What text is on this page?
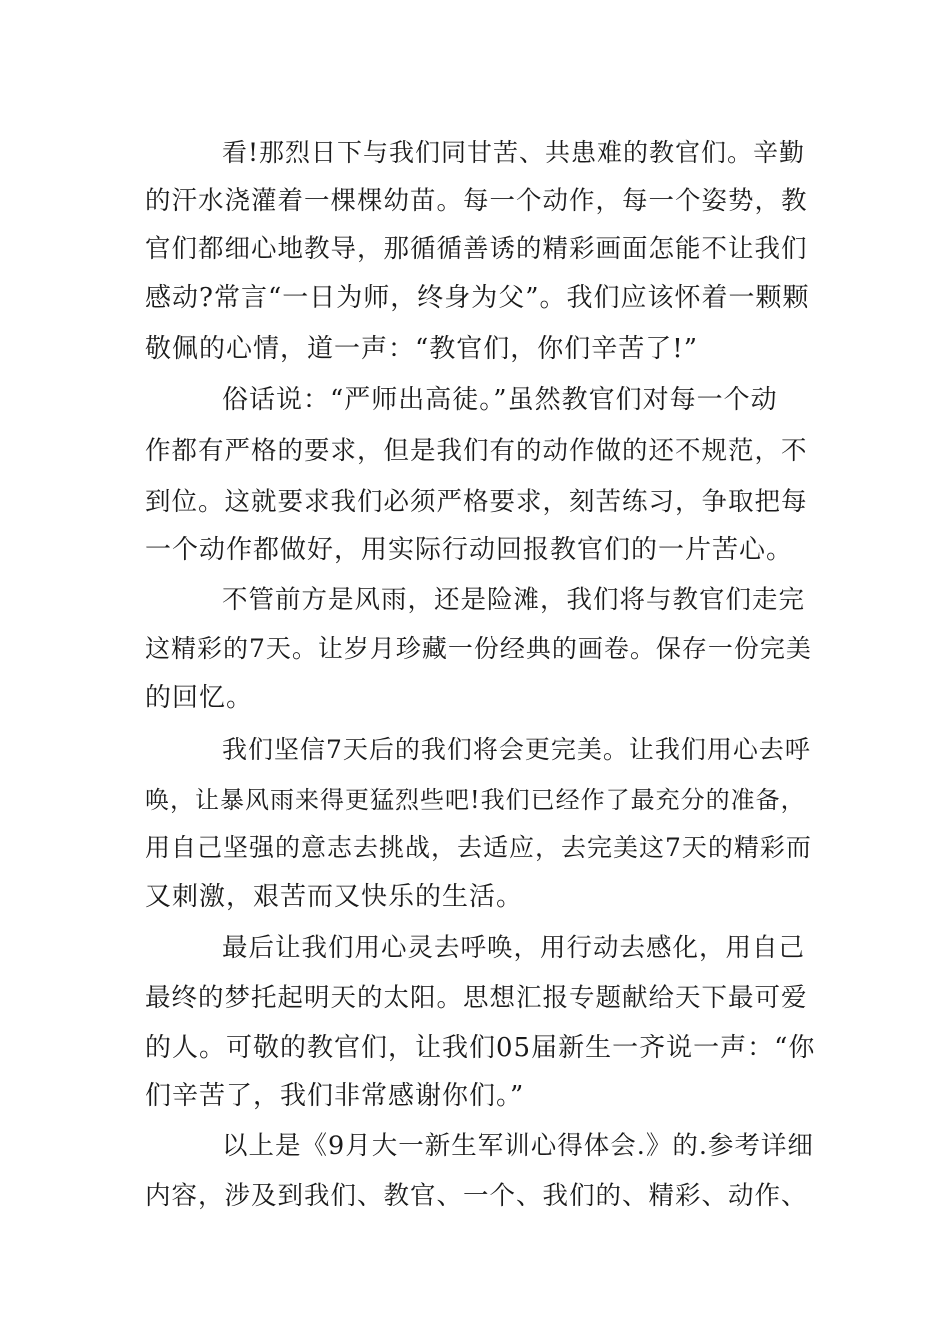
看!那烈日下与我们同甘苦、共患难的教官们。辛勤
的汗水浇灌着一棵棵幼苗。每一个动作，每一个姿势，教
官们都细心地教导，那循循善诱的精彩画面怎能不让我们
感动?常言“一日为师，终身为父”。我们应该怀着一颗颗
敬佩的心情，道一声：“教官们，你们辛苦了!”
俗话说：“严师出高徒。”虽然教官们对每一个动
作都有严格的要求，但是我们有的动作做的还不规范，不
到位。这就要求我们必须严格要求，刻苦练习，争取把每
一个动作都做好，用实际行动回报教官们的一片苦心。
不管前方是风雨，还是险滩，我们将与教官们走完
这精彩的7天。让岁月珍藏一份经典的画卷。保存一份完美
的回忆。
我们坚信7天后的我们将会更完美。让我们用心去呼
唤，让暴风雨来得更猛烈些吧!我们已经作了最充分的准备，
用自己坚强的意志去挑战，去适应，去完美这7天的精彩而
又刺激，艰苦而又快乐的生活。
最后让我们用心灵去呼唤，用行动去感化，用自己
最终的梦托起明天的太阳。思想汇报专题献给天下最可爱
的人。可敬的教官们，让我们05届新生一齐说一声：“你
们辛苦了，我们非常感谢你们。”
以上是《9月大一新生军训心得体会.》的.参考详细
内容，涉及到我们、教官、一个、我们的、精彩、动作、
